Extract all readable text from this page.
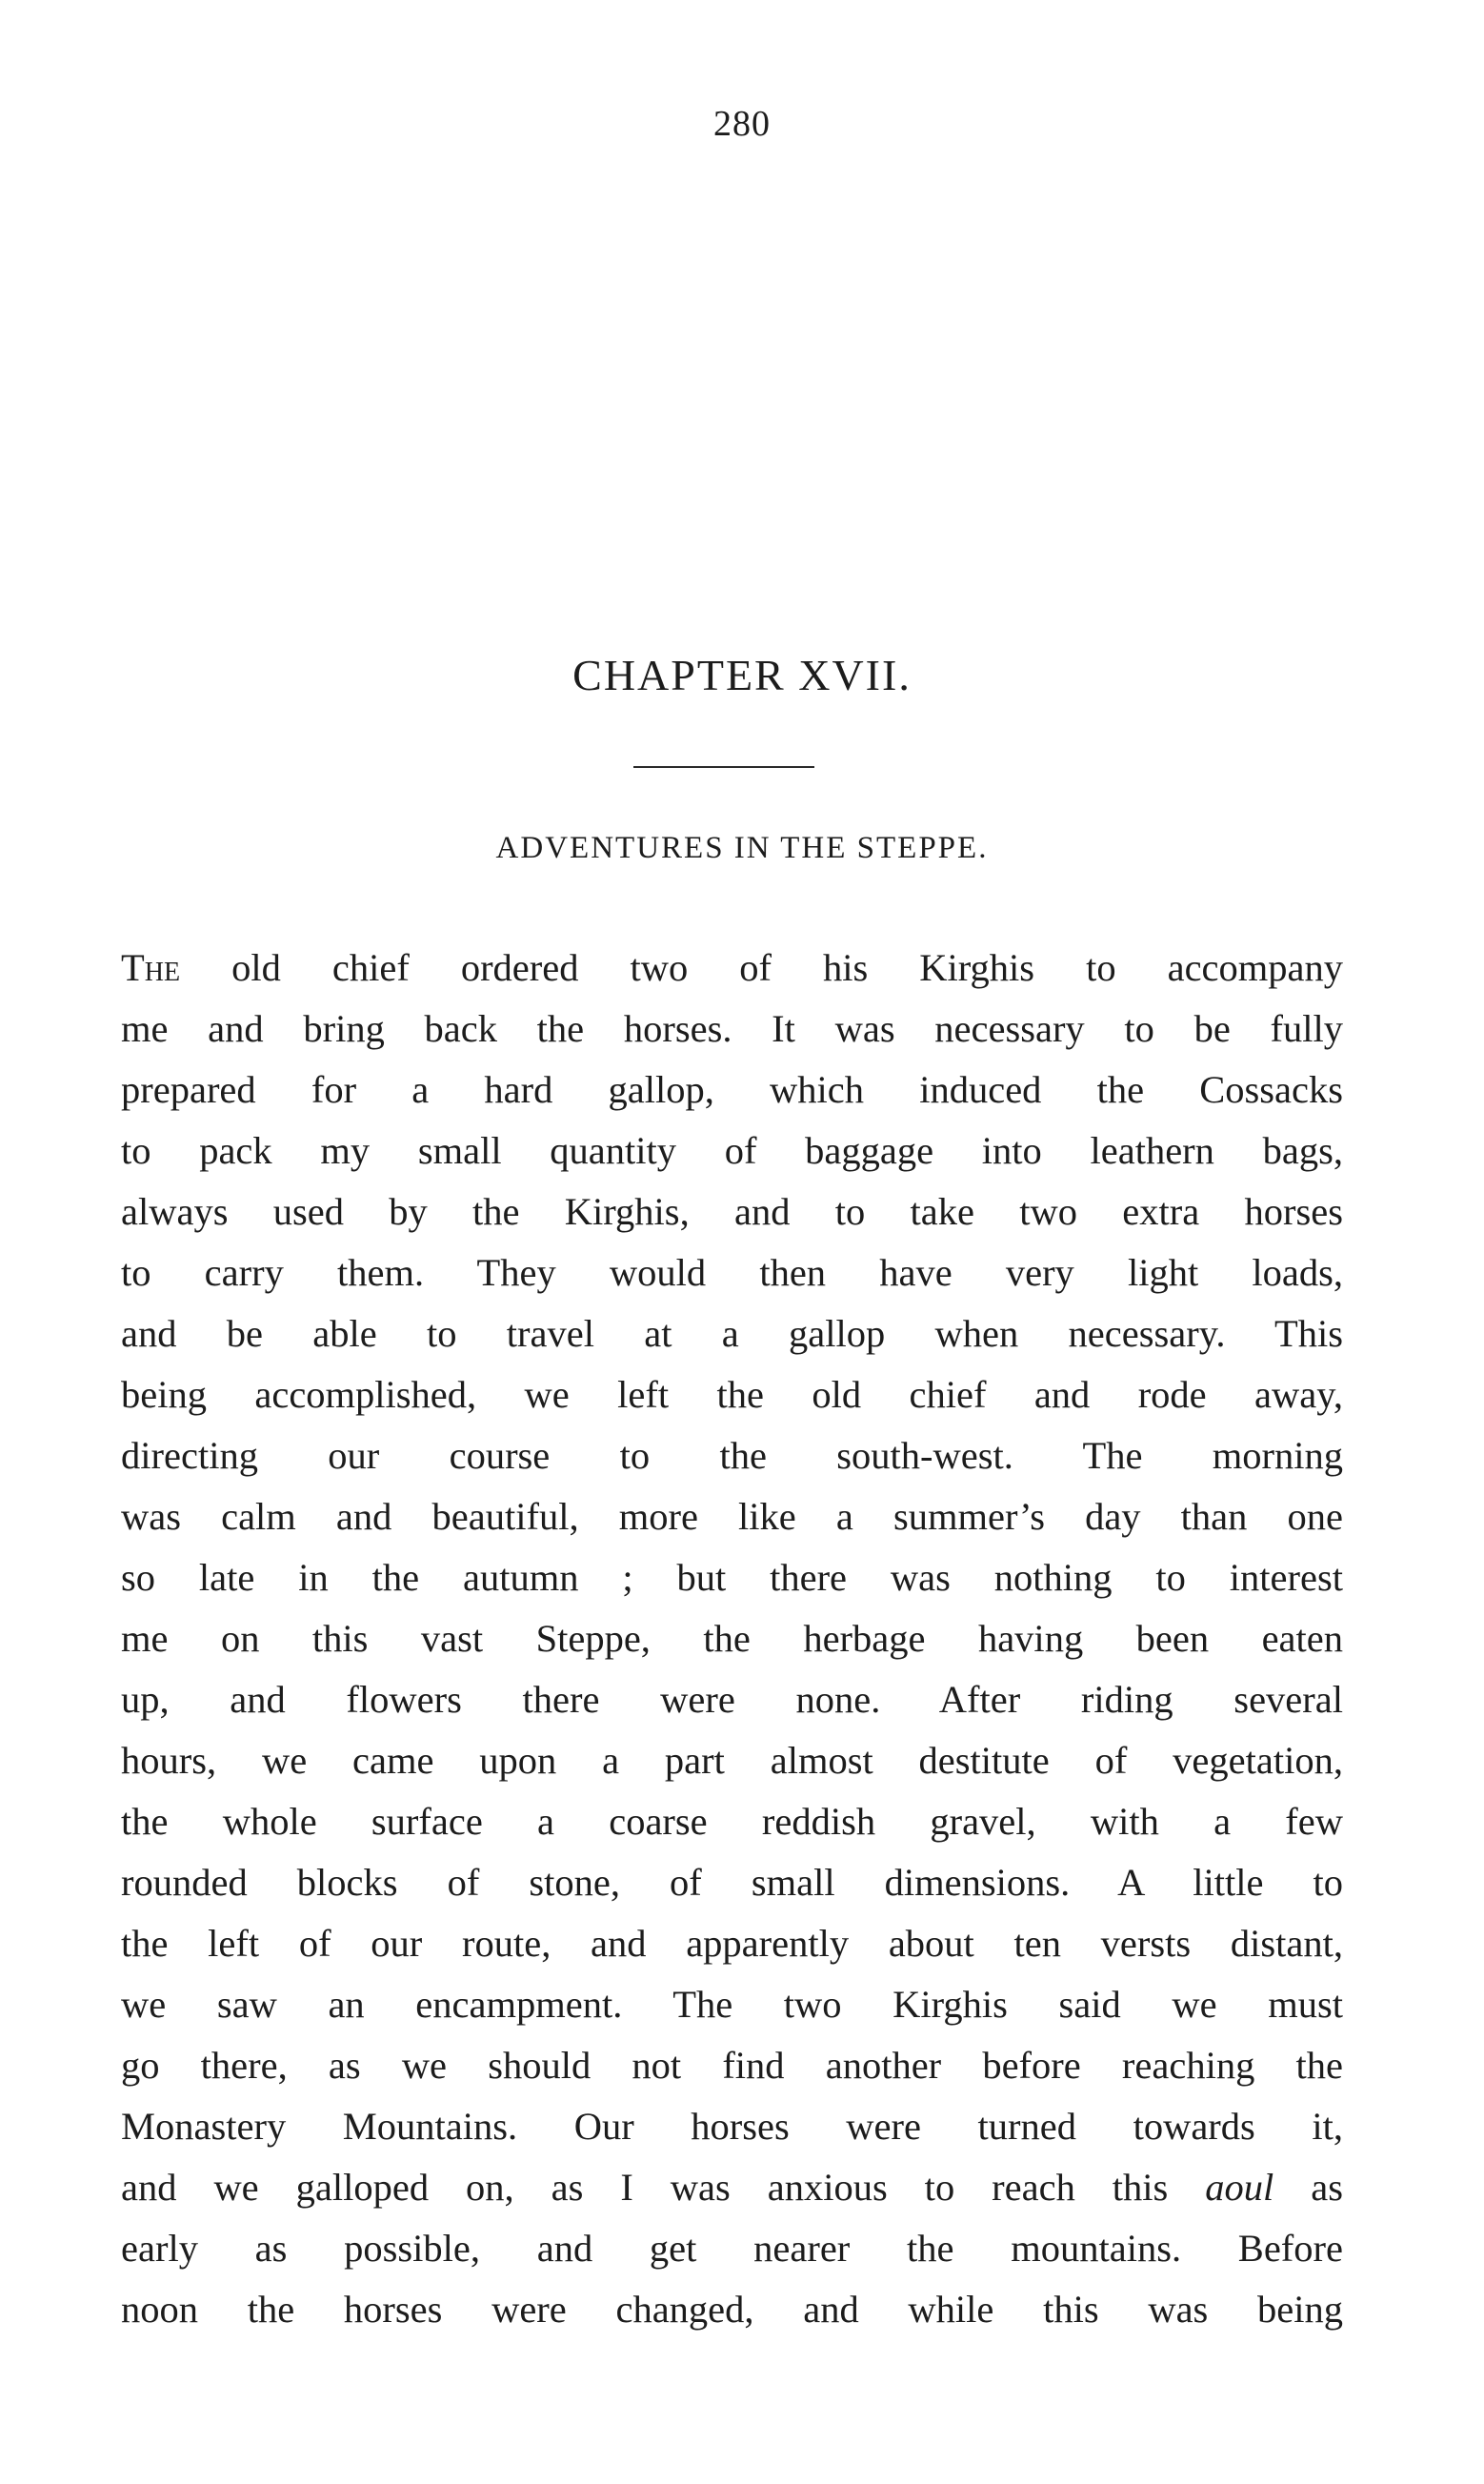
280
CHAPTER XVII.
ADVENTURES IN THE STEPPE.
The old chief ordered two of his Kirghis to accompany
me and bring back the horses. It was necessary to be fully
prepared for a hard gallop, which induced the Cossacks
to pack my small quantity of baggage into leathern bags,
always used by the Kirghis, and to take two extra horses
to carry them. They would then have very light loads,
and be able to travel at a gallop when necessary. This
being accomplished, we left the old chief and rode away,
directing our course to the south-west. The morning
was calm and beautiful, more like a summer’s day than one
so late in the autumn ; but there was nothing to interest
me on this vast Steppe, the herbage having been eaten
up, and flowers there were none. After riding several
hours, we came upon a part almost destitute of vegetation,
the whole surface a coarse reddish gravel, with a few
rounded blocks of stone, of small dimensions. A little to
the left of our route, and apparently about ten versts distant,
we saw an encampment. The two Kirghis said we must
go there, as we should not find another before reaching the
Monastery Mountains. Our horses were turned towards it,
and we galloped on, as I was anxious to reach this aoul as
early as possible, and get nearer the mountains. Before
noon the horses were changed, and while this was being
